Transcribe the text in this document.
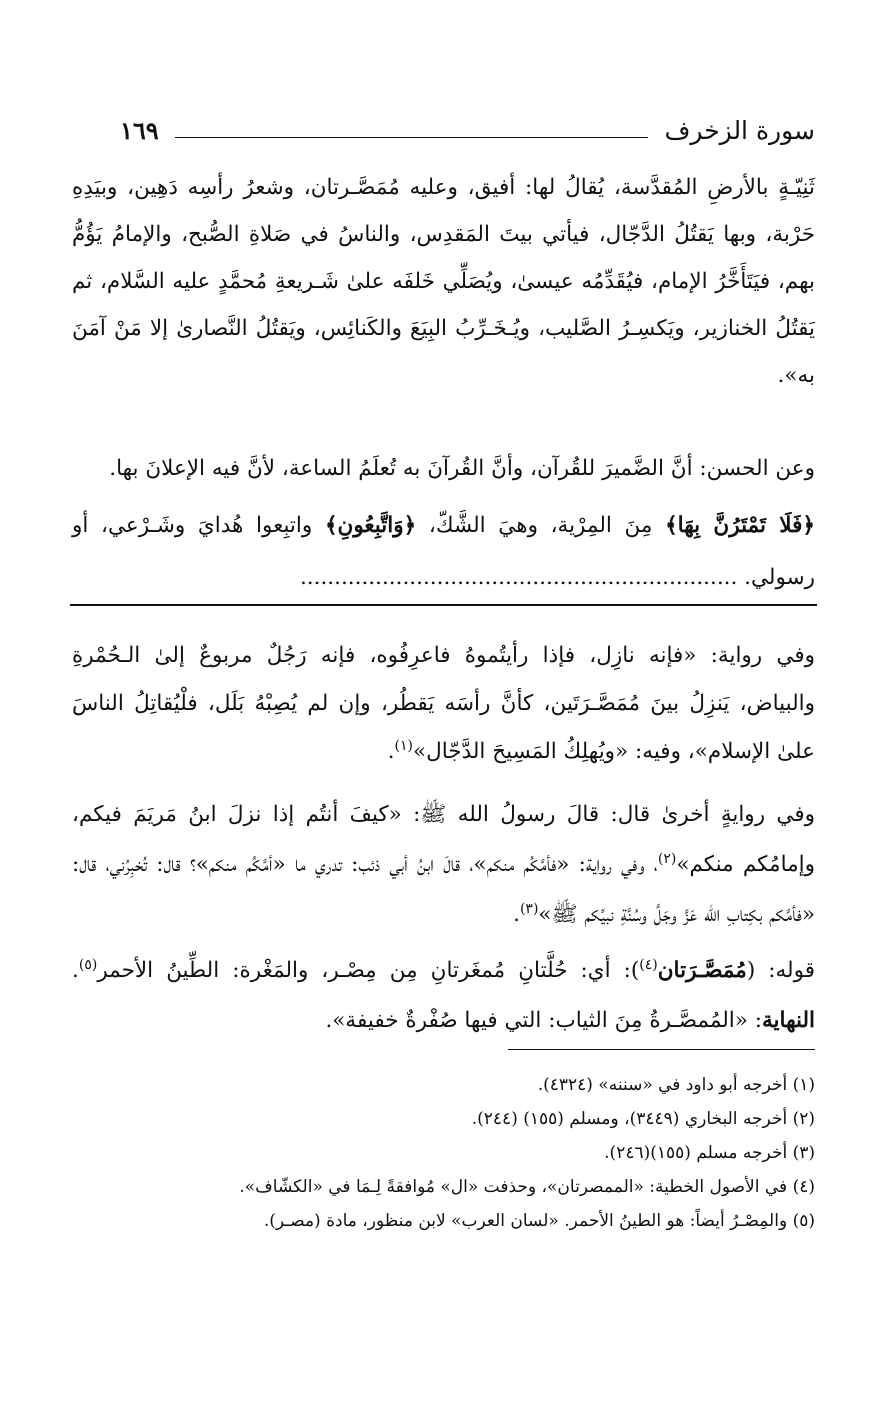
سورة الزخرف
١٦٩

ثَنِيّـةٍ بالأرضِ المُقدَّسة، يُقالُ لها: أفيق، وعليه مُمَصَّـرتان، وشعرُ رأسِه دَهِين، وبيَدِهِ حَرْبة، وبها يَقتُلُ الدَّجّال، فيأتي بيتَ المَقدِس، والناسُ في صَلاةِ الصُّبح، والإمامُ يَؤُمُّ بهم، فيَتَأَخَّرُ الإمام، فيُقَدِّمُه عيسىٰ، ويُصَلِّي خَلفَه علىٰ شَـريعةِ مُحمَّدٍ عليه السَّلام، ثم يَقتُلُ الخنازير، ويَكسِـرُ الصَّليب، ويُـخَـرِّبُ البِيَعَ والكَنائِس، ويَقتُلُ النَّصارىٰ إلا مَنْ آمَنَ به».

وعن الحسن: أنَّ الضَّميرَ للقُرآن، وأنَّ القُرآنَ به تُعلَمُ الساعة، لأنَّ فيه الإعلانَ بها.

﴿فَلَا تَمْتَرُنَّ بِهَا﴾ مِنَ المِرْية، وهيَ الشَّكّ، ﴿وَاتَّبِعُونِ﴾ واتبِعوا هُدايَ وشَـرْعي، أو رسولي. ................................................................

وفي رواية: «فإنه نازِل، فإذا رأيتُموهُ فاعرِفُوه، فإنه رَجُلٌ مربوعٌ إلىٰ الـحُمْرةِ والبياض، يَنزِلُ بينَ مُمَصَّـرَتَين، كأنَّ رأسَه يَقطُر، وإن لم يُصِبْهُ بَلَل، فلْيُقاتِلُ الناسَ علىٰ الإسلام»، وفيه: «ويُهلِكُ المَسِيحَ الدَّجّال»$^{(١)}$.

وفي روايةٍ أخرىٰ قال: قالَ رسولُ الله ﷺ: «كيفَ أنتُم إذا نزلَ ابنُ مَريَمَ فيكم، وإمامُكم منكم»$^{(٢)}$، وفي رواية: «فأمَّكُم منكم»، قالَ ابنُ أبي ذئب: تدري ما «أمَّكُم منكم»؟ قال: تُخبِرُني، قال: «فأمَّكم بكِتابِ الله عَزَّ وجَلَّ وسُنَّةِ نبيِّكم ﷺ»$^{(٣)}$.

قوله: (مُمَصَّـرَتان$^{(٤)}$): أي: حُلَّتانِ مُمغَرتانِ مِن مِصْـر، والمَغْرة: الطِّينُ الأحمر$^{(٥)}$. النهاية: «المُمصَّـرةُ مِنَ الثياب: التي فيها صُفْرةٌ خفيفة».

(١) أخرجه أبو داود في «سننه» (٤٣٢٤).
(٢) أخرجه البخاري (٣٤٤٩)، ومسلم (١٥٥) (٢٤٤).
(٣) أخرجه مسلم (١٥٥)(٢٤٦).
(٤) في الأصول الخطية: «الممصرتان»، وحذفت «ال» مُوافقةً لِـمَا في «الكشّاف».
(٥) والمِصْـرُ أيضاً: هو الطينُ الأحمر. «لسان العرب» لابن منظور، مادة (مصـر).
